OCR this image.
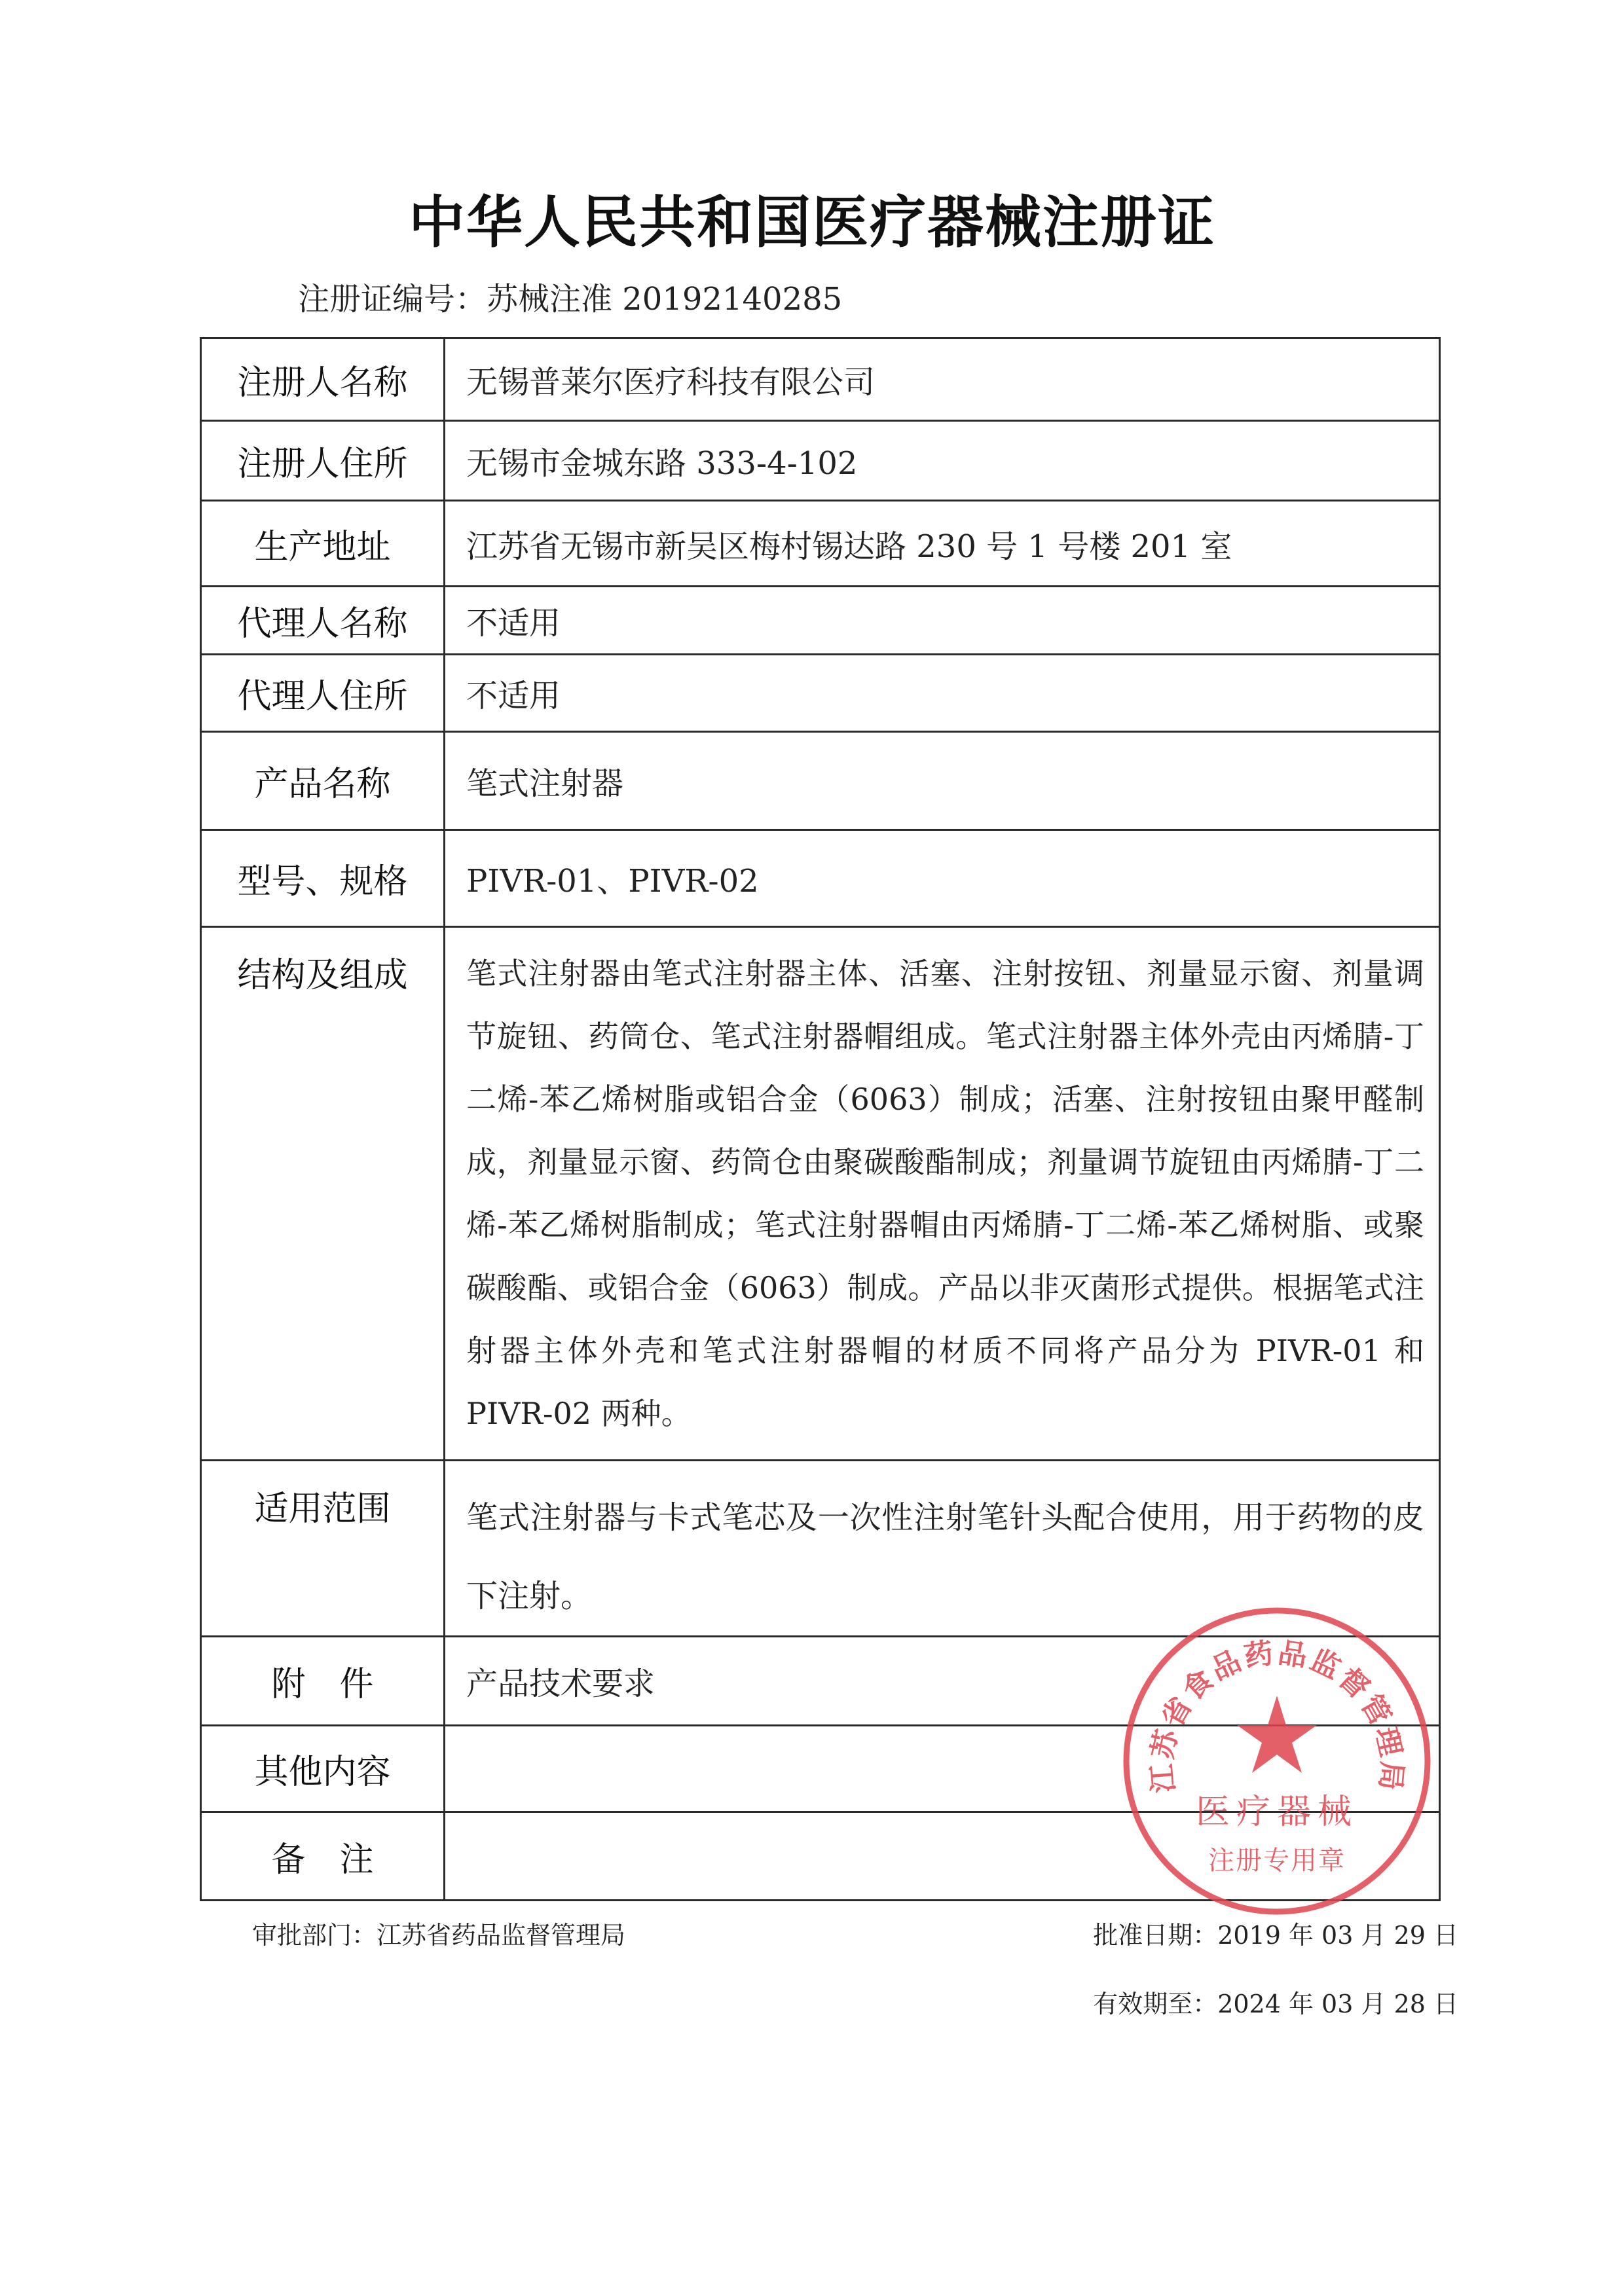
中华人民共和国医疗器械注册证
注册证编号：苏械注准 20192140285
注册人名称	无锡普莱尔医疗科技有限公司
注册人住所	无锡市金城东路 333-4-102
生产地址	江苏省无锡市新吴区梅村锡达路 230 号 1 号楼 201 室
代理人名称	不适用
代理人住所	不适用
产品名称	笔式注射器
型号、规格	PIVR-01、PIVR-02
结构及组成	笔式注射器由笔式注射器主体、活塞、注射按钮、剂量显示窗、剂量调节旋钮、药筒仓、笔式注射器帽组成。笔式注射器主体外壳由丙烯腈-丁二烯-苯乙烯树脂或铝合金（6063）制成；活塞、注射按钮由聚甲醛制成，剂量显示窗、药筒仓由聚碳酸酯制成；剂量调节旋钮由丙烯腈-丁二烯-苯乙烯树脂制成；笔式注射器帽由丙烯腈-丁二烯-苯乙烯树脂、或聚碳酸酯、或铝合金（6063）制成。产品以非灭菌形式提供。根据笔式注射器主体外壳和笔式注射器帽的材质不同将产品分为 PIVR-01 和 PIVR-02 两种。
适用范围	笔式注射器与卡式笔芯及一次性注射笔针头配合使用，用于药物的皮下注射。
附　件	产品技术要求
其他内容	
备　注	
江苏省食品药品监督管理局
医疗器械
注册专用章
审批部门：江苏省药品监督管理局	批准日期：2019 年 03 月 29 日
有效期至：2024 年 03 月 28 日
